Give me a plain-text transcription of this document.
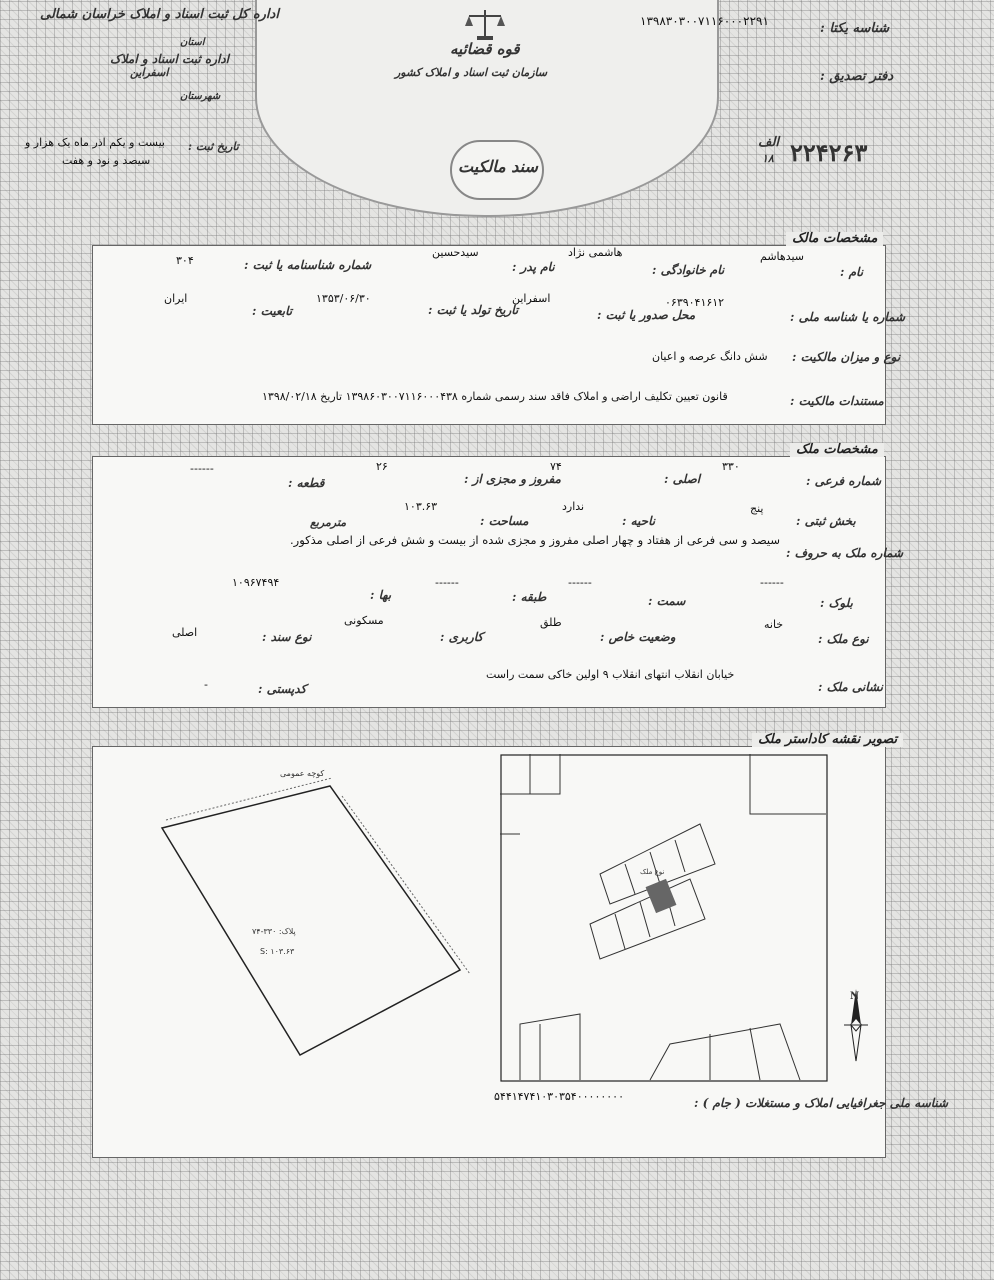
اداره کل ثبت اسناد و املاک خراسان شمالی
استان
اداره ثبت اسناد و املاک
اسفراین
شهرستان
تاریخ ثبت :
بیست و یکم اذر ماه یک هزار و
سیصد و نود و هفت
قوه قضائیه
سازمان ثبت اسناد و املاک کشور
سند مالکیت
۱۳۹۸۳۰۳۰۰۷۱۱۶۰۰۰۲۲۹۱	شناسه یکتا :
دفتر تصدیق :
الف
۱۸ ۲۲۴۲۶۳
مشخصات مالک
نام :
سیدهاشم
نام خانوادگی :
هاشمی نژاد
نام پدر :
سیدحسین
شماره شناسنامه یا ثبت :
۳۰۴
شماره یا شناسه ملی :
۰۶۳۹۰۴۱۶۱۲
محل صدور یا ثبت :
اسفراین
تاریخ تولد یا ثبت :
۱۳۵۳/۰۶/۳۰
تابعیت :
ایران
نوع و میزان مالکیت :
شش دانگ عرصه و اعیان
مستندات مالکیت :
قانون تعیین تکلیف اراضی و املاک فاقد سند رسمی شماره ۱۳۹۸۶۰۳۰۰۷۱۱۶۰۰۰۴۳۸ تاریخ ۱۳۹۸/۰۲/۱۸
مشخصات ملک
شماره فرعی :
۳۳۰
اصلی :
۷۴
مفروز و مجزی از :
۲۶
قطعه :
------
بخش ثبتی :
پنج
ناحیه :
ندارد
مساحت :
۱۰۳.۶۳
مترمربع
شماره ملک به حروف :
سیصد و سی فرعی از هفتاد و چهار اصلی مفروز و مجزی شده از بیست و شش فرعی از اصلی مذکور.
بلوک :
------
سمت :
------
طبقه :
------
بها :
۱۰۹۶۷۴۹۴
نوع ملک :
خانه
وضعیت خاص :
طلق
کاربری :
مسکونی
نوع سند :
اصلی
نشانی ملک :
خیابان انقلاب انتهای انقلاب ۹ اولین خاکی سمت راست
کدپستی :
-
تصویر نقشه کاداستر ملک
کوچه عمومی
پلاک: ۳۳۰-۷۴
S: ۱۰۳.۶۳
نوع ملک
N
شناسه ملی جغرافیایی املاک و مستغلات ( جام ) :
۵۴۴۱۴۷۴۱۰۳۰۳۵۴۰۰۰۰۰۰۰۰
